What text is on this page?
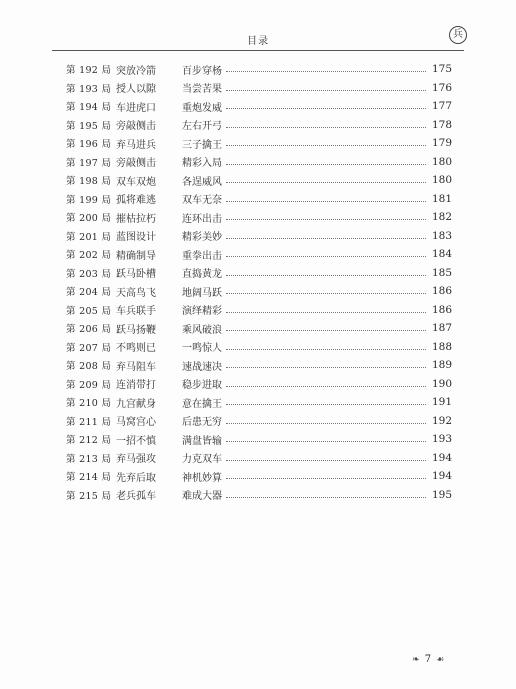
目录
兵
第 192 局 突放冷箭	百步穿杨	175
第 193 局 授人以隙	当尝苦果	176
第 194 局 车进虎口	重炮发威	177
第 195 局 旁敲侧击	左右开弓	178
第 196 局 弃马进兵	三子擒王	179
第 197 局 旁敲侧击	精彩入局	180
第 198 局 双车双炮	各逞威风	180
第 199 局 孤将难逃	双车无奈	181
第 200 局 摧枯拉朽	连环出击	182
第 201 局 蓝图设计	精彩美妙	183
第 202 局 精确制导	重拳出击	184
第 203 局 跃马卧槽	直捣黄龙	185
第 204 局 天高鸟飞	地阔马跃	186
第 205 局 车兵联手	演绎精彩	186
第 206 局 跃马扬鞭	乘风破浪	187
第 207 局 不鸣则已	一鸣惊人	188
第 208 局 弃马阻车	速战速决	189
第 209 局 连消带打	稳步进取	190
第 210 局 九宫献身	意在擒王	191
第 211 局 马窝宫心	后患无穷	192
第 212 局 一招不慎	满盘皆输	193
第 213 局 弃马强攻	力克双车	194
第 214 局 先弃后取	神机妙算	194
第 215 局 老兵孤车	难成大器	195
❧ 7 ☙
